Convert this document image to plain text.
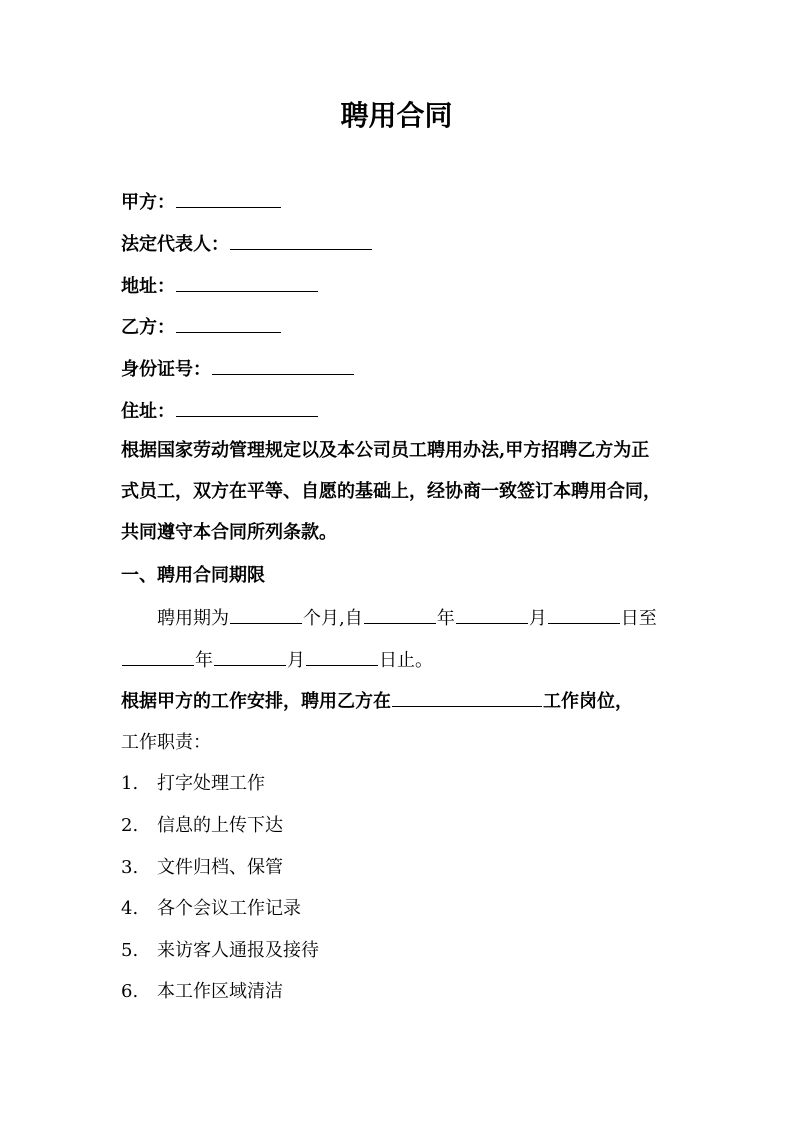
聘用合同
甲方：
法定代表人：
地址：
乙方：
身份证号：
住址：
根据国家劳动管理规定以及本公司员工聘用办法,甲方招聘乙方为正
式员工，双方在平等、自愿的基础上，经协商一致签订本聘用合同，
共同遵守本合同所列条款。
一、聘用合同期限
聘用期为	个月,自	年	月	日至
年	月	日止。
根据甲方的工作安排，聘用乙方在	工作岗位，
工作职责：
1. 打字处理工作
2. 信息的上传下达
3. 文件归档、保管
4. 各个会议工作记录
5. 来访客人通报及接待
6. 本工作区域清洁
